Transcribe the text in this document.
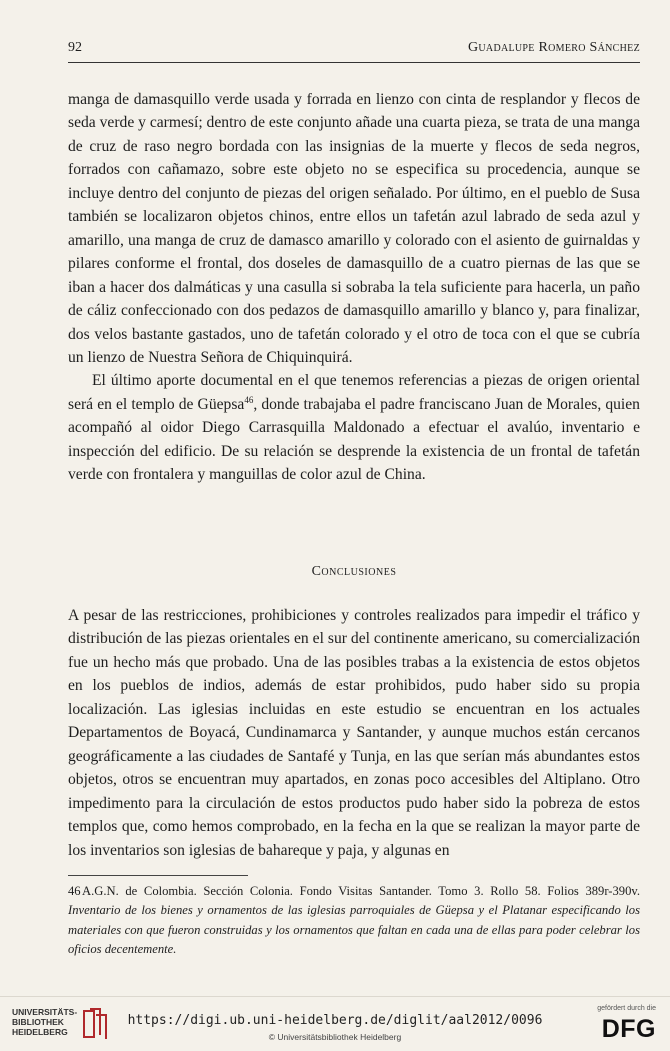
92	Guadalupe Romero Sánchez

manga de damasquillo verde usada y forrada en lienzo con cinta de resplandor y flecos de seda verde y carmesí; dentro de este conjunto añade una cuarta pieza, se trata de una manga de cruz de raso negro bordada con las insignias de la muerte y flecos de seda negros, forrados con cañamazo, sobre este objeto no se especifica su procedencia, aunque se incluye dentro del conjunto de piezas del origen señalado. Por último, en el pueblo de Susa también se localizaron objetos chinos, entre ellos un tafetán azul labrado de seda azul y amarillo, una manga de cruz de damasco amarillo y colorado con el asiento de guirnaldas y pilares conforme el frontal, dos doseles de damasquillo de a cuatro piernas de las que se iban a hacer dos dalmáticas y una casulla si sobraba la tela suficiente para hacerla, un paño de cáliz confeccionado con dos pedazos de damasquillo amarillo y blanco y, para finalizar, dos velos bastante gastados, uno de tafetán colorado y el otro de toca con el que se cubría un lienzo de Nuestra Señora de Chiquinquirá.

El último aporte documental en el que tenemos referencias a piezas de origen oriental será en el templo de Güepsa$^{46}$, donde trabajaba el padre franciscano Juan de Morales, quien acompañó al oidor Diego Carrasquilla Maldonado a efectuar el avalúo, inventario e inspección del edificio. De su relación se desprende la existencia de un frontal de tafetán verde con frontalera y manguillas de color azul de China.

Conclusiones

A pesar de las restricciones, prohibiciones y controles realizados para impedir el tráfico y distribución de las piezas orientales en el sur del continente americano, su comercialización fue un hecho más que probado. Una de las posibles trabas a la existencia de estos objetos en los pueblos de indios, además de estar prohibidos, pudo haber sido su propia localización. Las iglesias incluidas en este estudio se encuentran en los actuales Departamentos de Boyacá, Cundinamarca y Santander, y aunque muchos están cercanos geográficamente a las ciudades de Santafé y Tunja, en las que serían más abundantes estos objetos, otros se encuentran muy apartados, en zonas poco accesibles del Altiplano. Otro impedimento para la circulación de estos productos pudo haber sido la pobreza de estos templos que, como hemos comprobado, en la fecha en la que se realizan la mayor parte de los inventarios son iglesias de bahareque y paja, y algunas en

46A.G.N. de Colombia. Sección Colonia. Fondo Visitas Santander. Tomo 3. Rollo 58. Folios 389r-390v. Inventario de los bienes y ornamentos de las iglesias parroquiales de Güepsa y el Platanar especificando los materiales con que fueron construidas y los ornamentos que faltan en cada una de ellas para poder celebrar los oficios decentemente.
UNIVERSITÄTS-
BIBLIOTHEK
HEIDELBERG
https://digi.ub.uni-heidelberg.de/diglit/aal2012/0096
© Universitätsbibliothek Heidelberg
gefördert durch die
DFG
